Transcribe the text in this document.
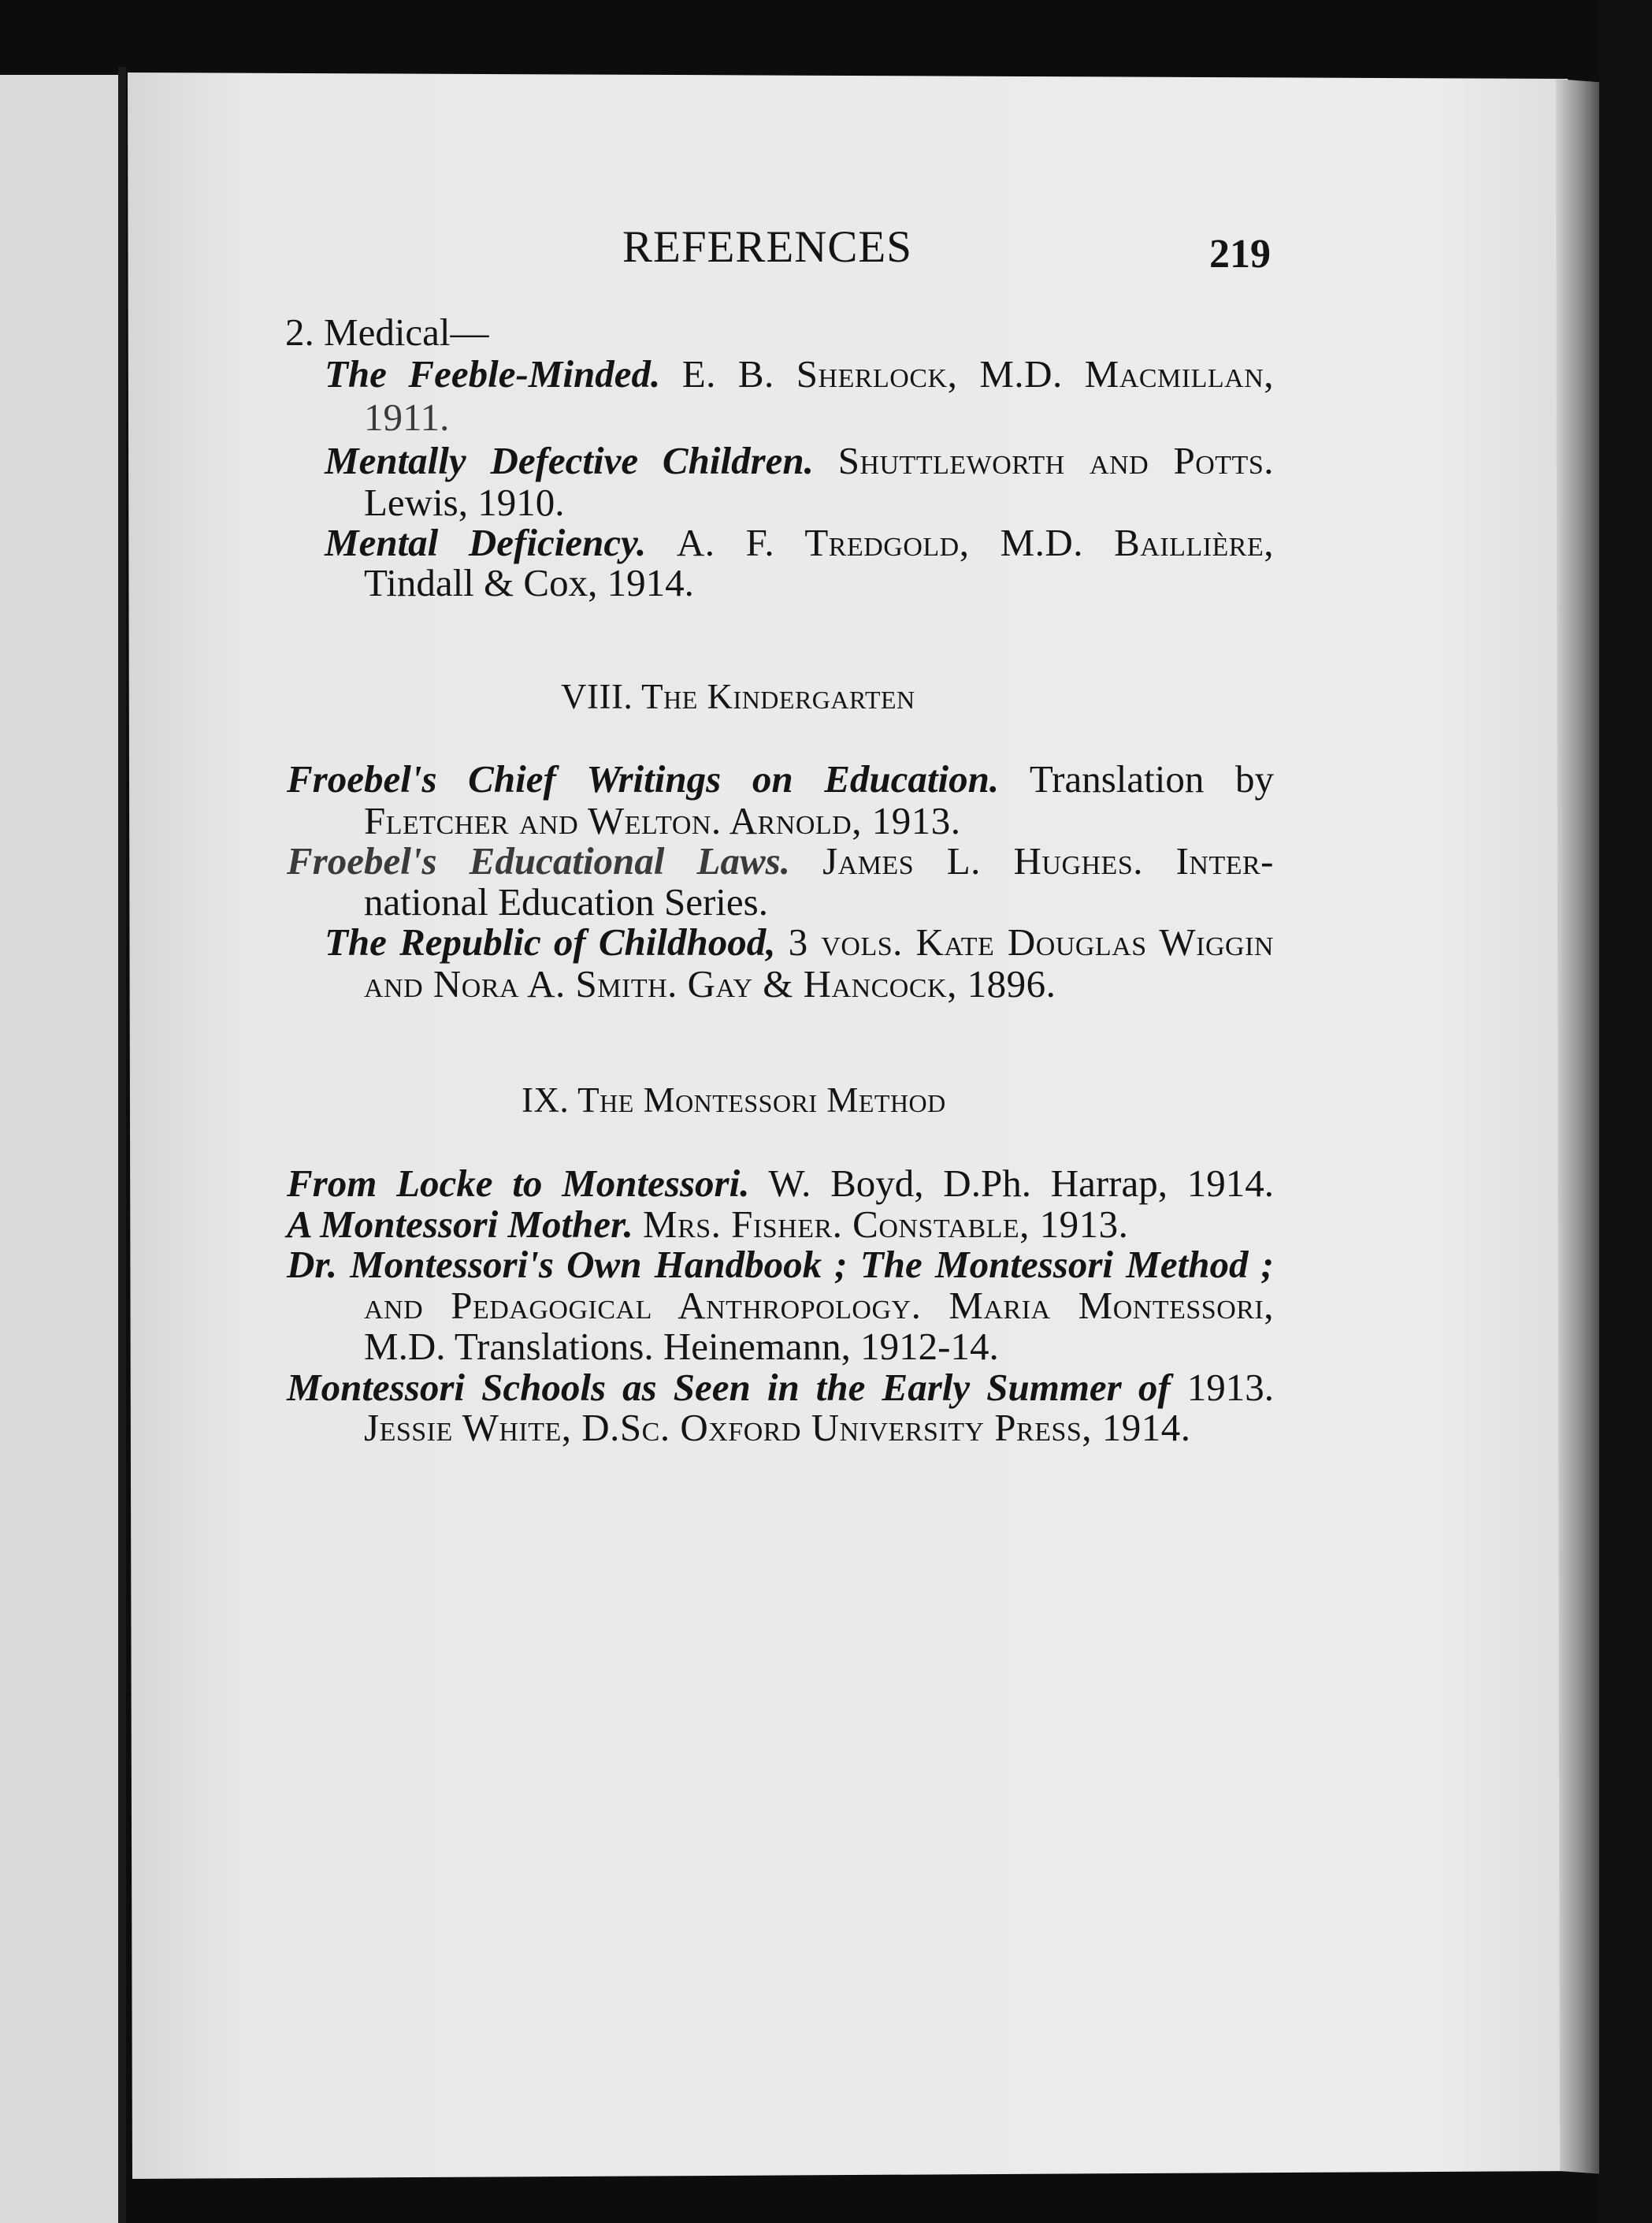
REFERENCES	219
2. Medical—
The Feeble-Minded. E. B. Sherlock, M.D. Macmillan,
1911.
Mentally Defective Children. Shuttleworth and Potts.
Lewis, 1910.
Mental Deficiency. A. F. Tredgold, M.D. Baillière,
Tindall & Cox, 1914.
VIII. The Kindergarten
Froebel's Chief Writings on Education. Translation by
Fletcher and Welton. Arnold, 1913.
Froebel's Educational Laws. James L. Hughes. Inter-
national Education Series.
The Republic of Childhood, 3 vols. Kate Douglas Wiggin
and Nora A. Smith. Gay & Hancock, 1896.
IX. The Montessori Method
From Locke to Montessori. W. Boyd, D.Ph. Harrap, 1914.
A Montessori Mother. Mrs. Fisher. Constable, 1913.
Dr. Montessori's Own Handbook ; The Montessori Method ;
and Pedagogical Anthropology. Maria Montessori,
M.D. Translations. Heinemann, 1912-14.
Montessori Schools as Seen in the Early Summer of 1913.
Jessie White, D.Sc. Oxford University Press, 1914.
